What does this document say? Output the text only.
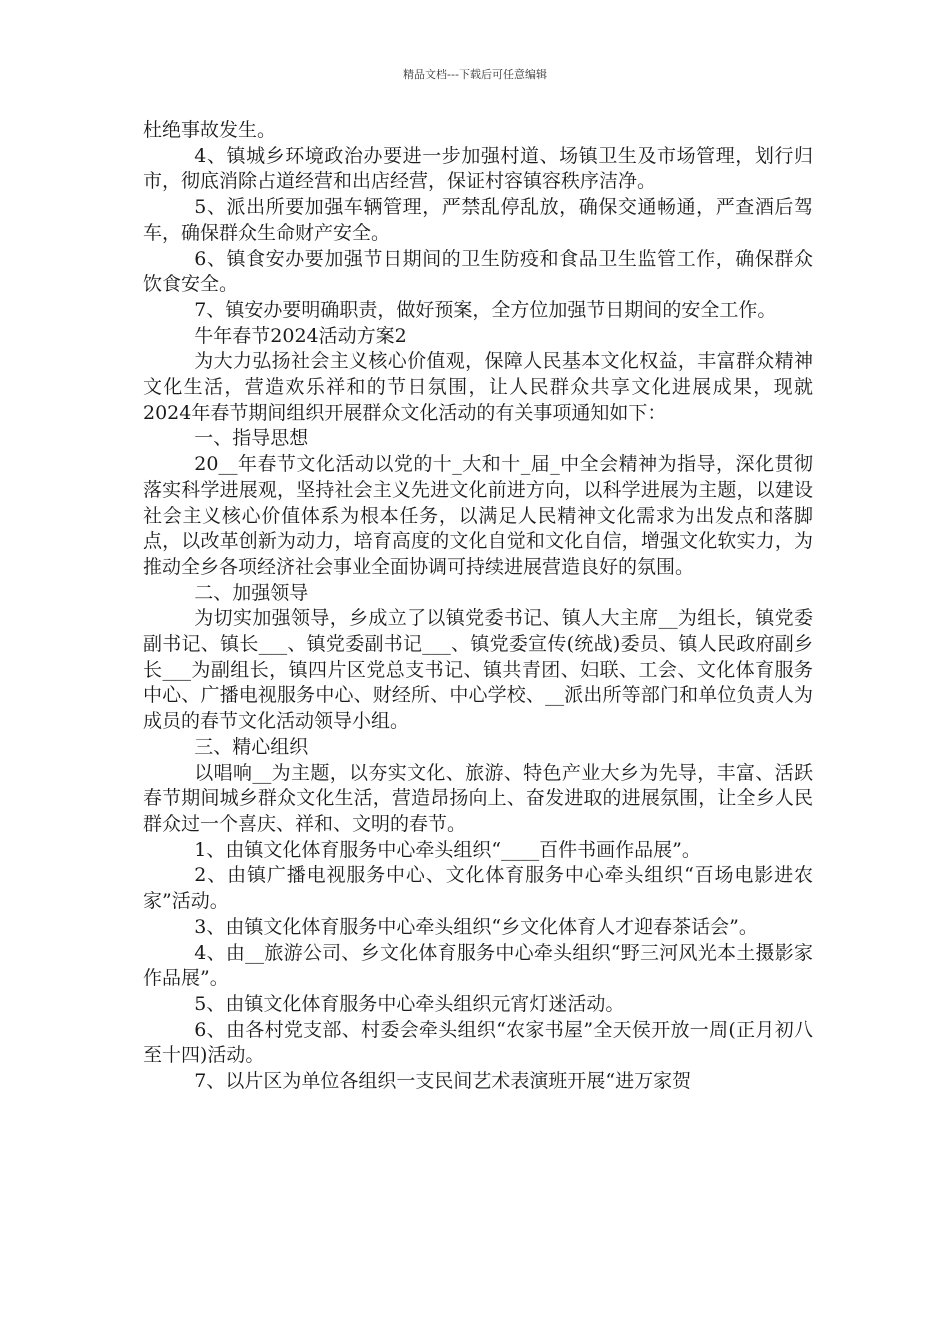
精品文档---下载后可任意编辑

杜绝事故发生。

4、镇城乡环境政治办要进一步加强村道、场镇卫生及市场管理，划行归市，彻底消除占道经营和出店经营，保证村容镇容秩序洁净。

5、派出所要加强车辆管理，严禁乱停乱放，确保交通畅通，严查酒后驾车，确保群众生命财产安全。

6、镇食安办要加强节日期间的卫生防疫和食品卫生监管工作，确保群众饮食安全。

7、镇安办要明确职责，做好预案，全方位加强节日期间的安全工作。

牛年春节2024活动方案2

为大力弘扬社会主义核心价值观，保障人民基本文化权益，丰富群众精神文化生活，营造欢乐祥和的节日氛围，让人民群众共享文化进展成果，现就2024年春节期间组织开展群众文化活动的有关事项通知如下：

一、指导思想

20__年春节文化活动以党的十_大和十_届_中全会精神为指导，深化贯彻落实科学进展观，坚持社会主义先进文化前进方向，以科学进展为主题，以建设社会主义核心价值体系为根本任务，以满足人民精神文化需求为出发点和落脚点，以改革创新为动力，培育高度的文化自觉和文化自信，增强文化软实力，为推动全乡各项经济社会事业全面协调可持续进展营造良好的氛围。

二、加强领导

为切实加强领导，乡成立了以镇党委书记、镇人大主席__为组长，镇党委副书记、镇长___、镇党委副书记___、镇党委宣传(统战)委员、镇人民政府副乡长___为副组长，镇四片区党总支书记、镇共青团、妇联、工会、文化体育服务中心、广播电视服务中心、财经所、中心学校、__派出所等部门和单位负责人为成员的春节文化活动领导小组。

三、精心组织

以唱响__为主题，以夯实文化、旅游、特色产业大乡为先导，丰富、活跃春节期间城乡群众文化生活，营造昂扬向上、奋发进取的进展氛围，让全乡人民群众过一个喜庆、祥和、文明的春节。

1、由镇文化体育服务中心牵头组织“____百件书画作品展”。

2、由镇广播电视服务中心、文化体育服务中心牵头组织“百场电影进农家”活动。

3、由镇文化体育服务中心牵头组织“乡文化体育人才迎春茶话会”。

4、由__旅游公司、乡文化体育服务中心牵头组织“野三河风光本土摄影家作品展”。

5、由镇文化体育服务中心牵头组织元宵灯迷活动。

6、由各村党支部、村委会牵头组织“农家书屋”全天侯开放一周(正月初八至十四)活动。

7、以片区为单位各组织一支民间艺术表演班开展“进万家贺
